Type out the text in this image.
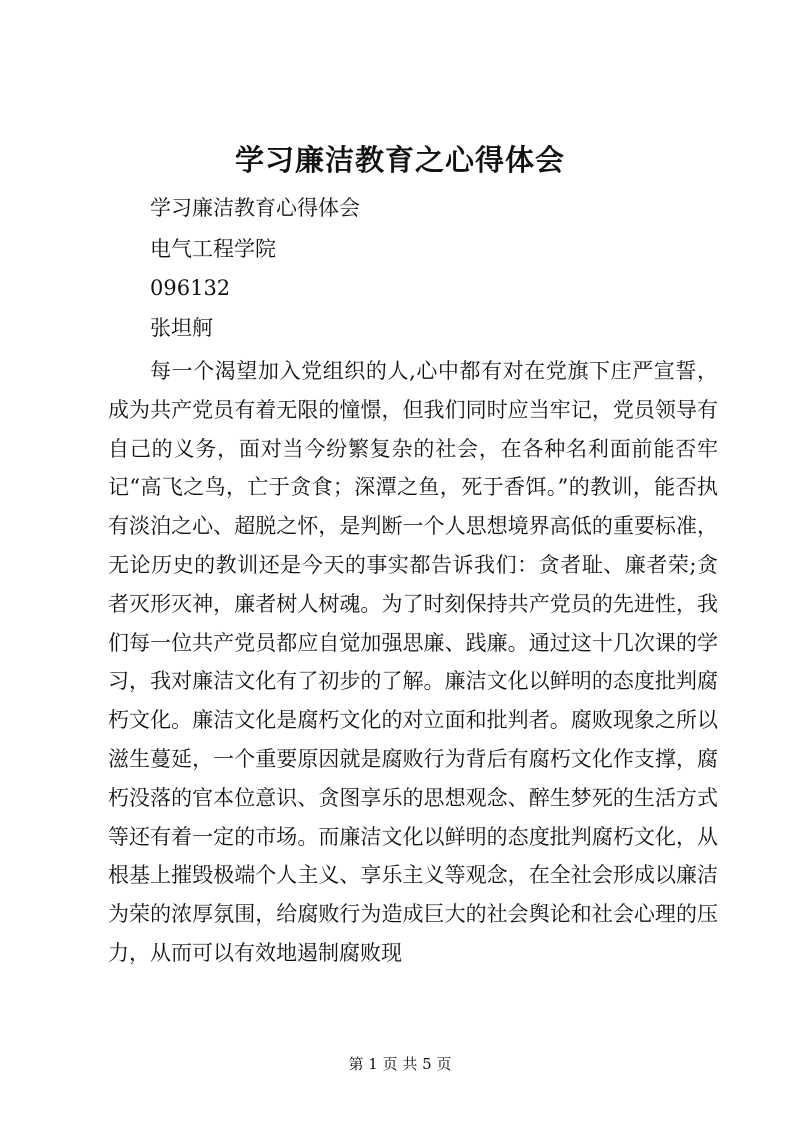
学习廉洁教育之心得体会
学习廉洁教育心得体会
电气工程学院
096132
张坦舸

每一个渴望加入党组织的人,心中都有对在党旗下庄严宣誓，成为共产党员有着无限的憧憬，但我们同时应当牢记，党员领导有自己的义务，面对当今纷繁复杂的社会，在各种名利面前能否牢记“高飞之鸟，亡于贪食；深潭之鱼，死于香饵。”的教训，能否执有淡泊之心、超脱之怀，是判断一个人思想境界高低的重要标准，无论历史的教训还是今天的事实都告诉我们：贪者耻、廉者荣;贪者灭形灭神，廉者树人树魂。为了时刻保持共产党员的先进性，我们每一位共产党员都应自觉加强思廉、践廉。通过这十几次课的学习，我对廉洁文化有了初步的了解。廉洁文化以鲜明的态度批判腐朽文化。廉洁文化是腐朽文化的对立面和批判者。腐败现象之所以滋生蔓延，一个重要原因就是腐败行为背后有腐朽文化作支撑，腐朽没落的官本位意识、贪图享乐的思想观念、醉生梦死的生活方式等还有着一定的市场。而廉洁文化以鲜明的态度批判腐朽文化，从根基上摧毁极端个人主义、享乐主义等观念，在全社会形成以廉洁为荣的浓厚氛围，给腐败行为造成巨大的社会舆论和社会心理的压力，从而可以有效地遏制腐败现

第 1 页 共 5 页
